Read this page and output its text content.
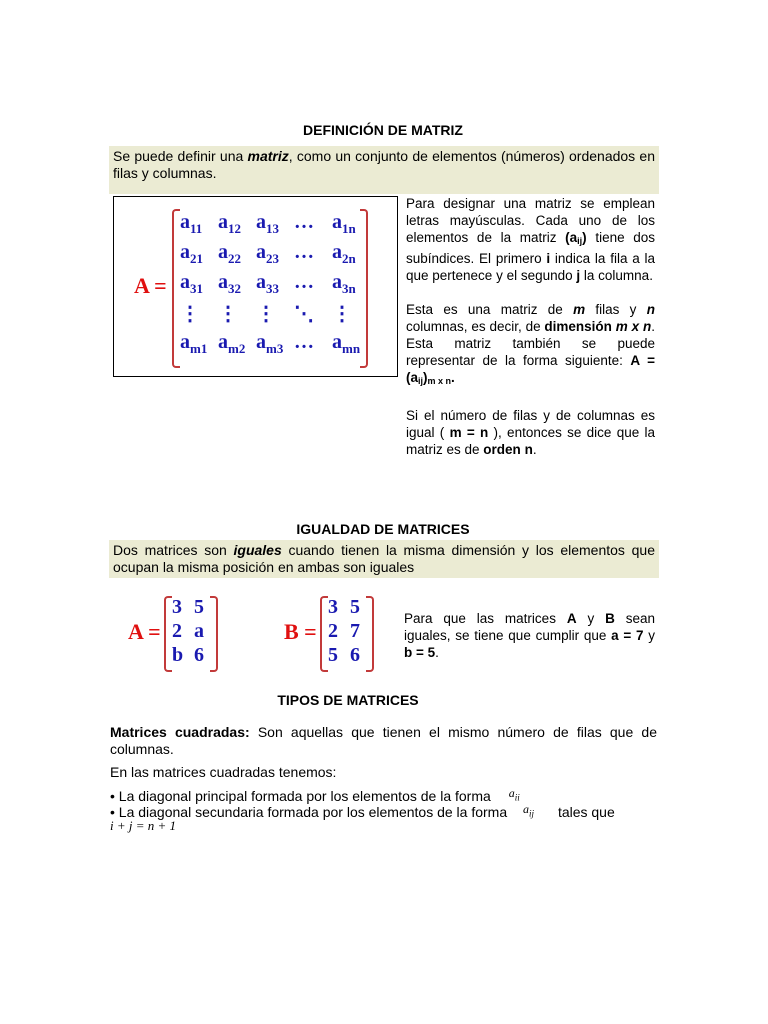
DEFINICIÓN DE MATRIZ
Se puede definir una matriz, como un conjunto de elementos (números) ordenados en filas y columnas.
A =
$a_{11}$ $a_{12}$ $a_{13}$ … $a_{1n}$
$a_{21}$ $a_{22}$ $a_{23}$ … $a_{2n}$
$a_{31}$ $a_{32}$ $a_{33}$ … $a_{3n}$
⋮ ⋮ ⋮ ⋱ ⋮
$a_{m1}$ $a_{m2}$ $a_{m3}$ … $a_{mn}$
Para designar una matriz se emplean letras mayúsculas. Cada uno de los elementos de la matriz $(a_{ij})$ tiene dos subíndices. El primero i indica la fila a la que pertenece y el segundo j la columna.
Esta es una matriz de m filas y n columnas, es decir, de dimensión m x n. Esta matriz también se puede representar de la forma siguiente: $A = (a_{ij})_{m x n}$.
Si el número de filas y de columnas es igual ( m = n ), entonces se dice que la matriz es de orden n.
IGUALDAD DE MATRICES
Dos matrices son iguales cuando tienen la misma dimensión y los elementos que ocupan la misma posición en ambas son iguales
A =
3 5
2 a
b 6
B =
3 5
2 7
5 6
Para que las matrices A y B sean iguales, se tiene que cumplir que a = 7 y b = 5.
TIPOS DE MATRICES
Matrices cuadradas: Son aquellas que tienen el mismo número de filas que de columnas.
En las matrices cuadradas tenemos:
• La diagonal principal formada por los elementos de la forma $a_{ii}$
• La diagonal secundaria formada por los elementos de la forma $a_{ij}$ tales que
i + j = n + 1
